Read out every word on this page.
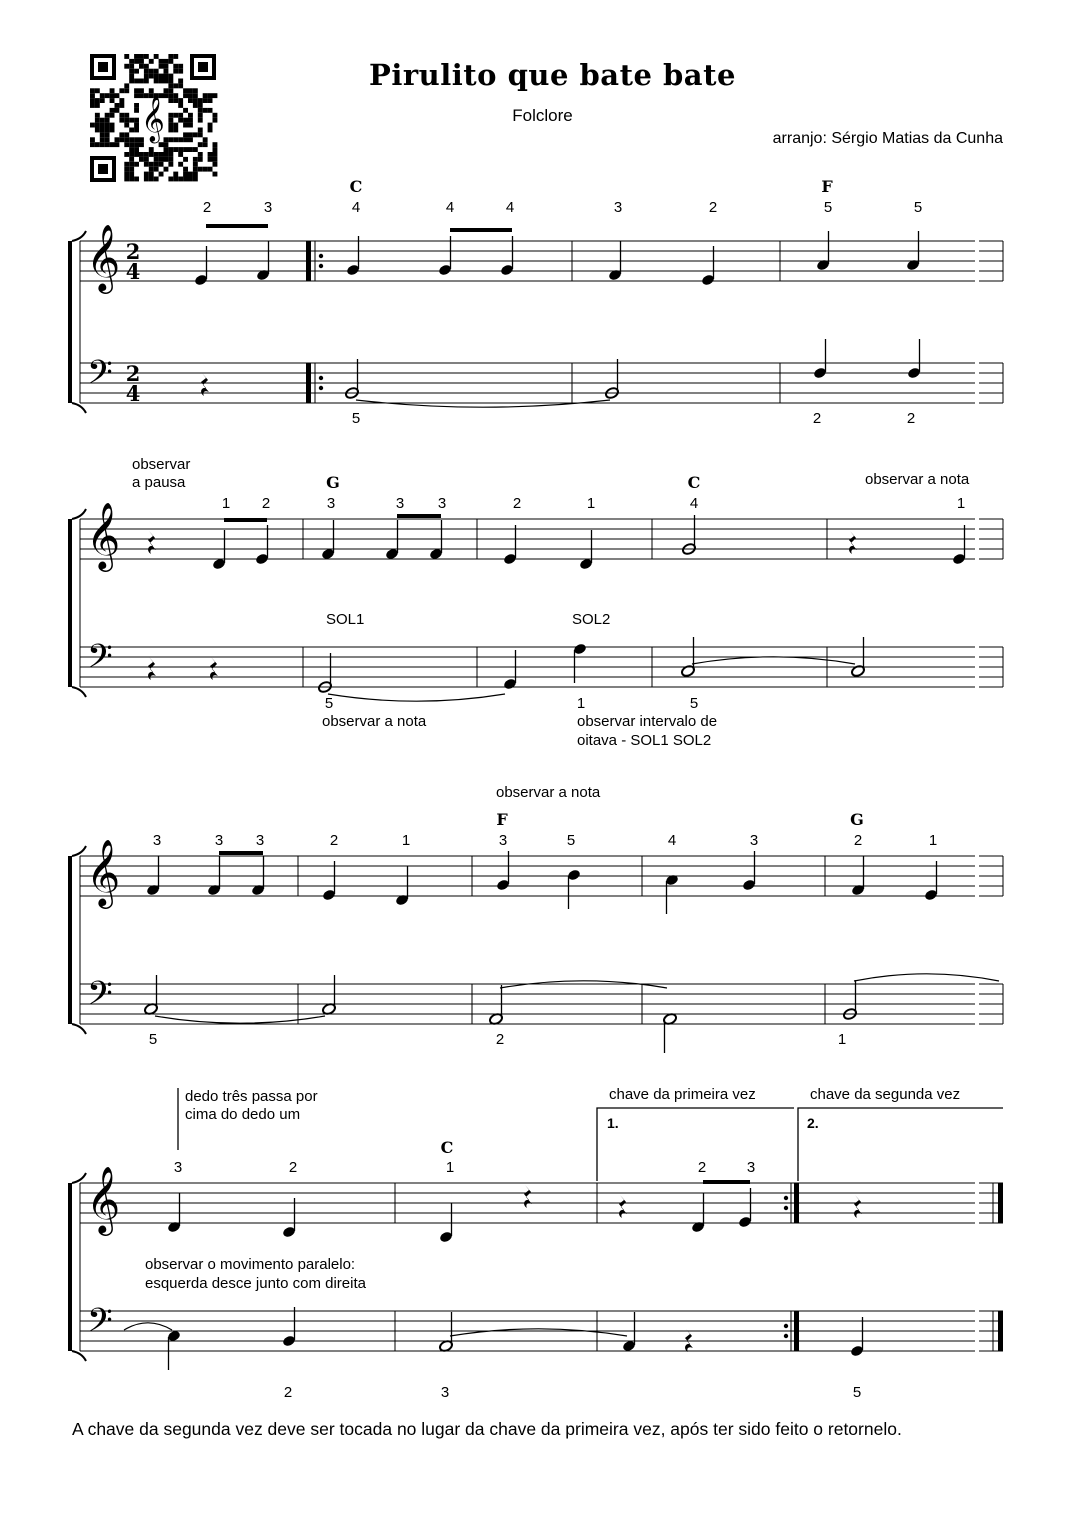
Pirulito que bate bate
Folclore
arranjo: Sérgio Matias da Cunha
𝄞
𝄞
𝄢
𝄞
𝄢
𝄞
𝄢
𝄞
𝄢
2
4
2
4
2	3	4	4	4	3	2	5	5
5	2	2
C	F
1 2	3	3 3	2	1	4	1
5	1	5
G	C
observar
a pausa	observar a nota
SOL1	SOL2
observar a nota	observar intervalo de
oitava - SOL1 SOL2
3	3 3	2	1	3	5	4	3	2	1
5	2	1
F	G
observar a nota
3	2	1	2	3
2	3	5
C
dedo três passa por
cima do dedo um
chave da primeira vez	chave da segunda vez
observar o movimento paralelo:
esquerda desce junto com direita
1.	2.
A chave da segunda vez deve ser tocada no lugar da chave da primeira vez, após ter sido feito o retornelo.
